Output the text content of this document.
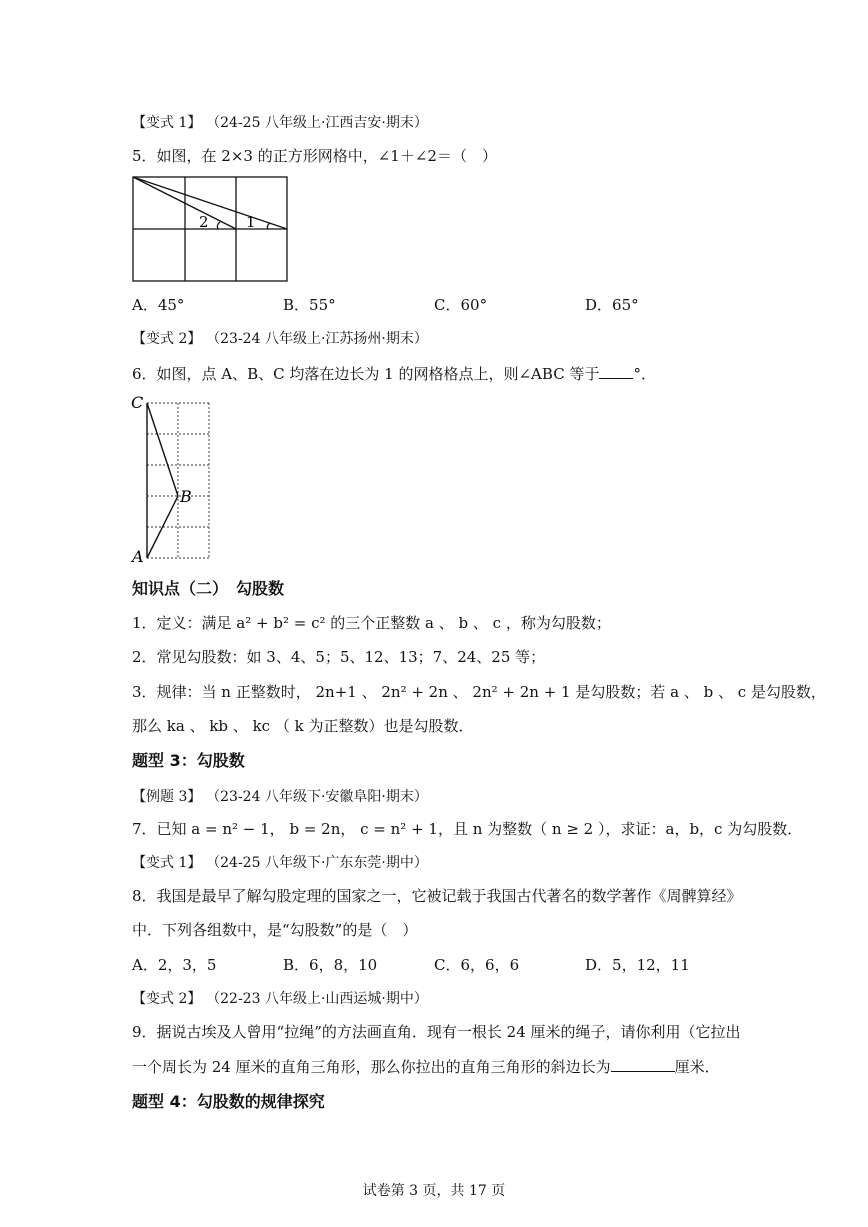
【变式 1】 （24-25 八年级上·江西吉安·期末）
5．如图，在 2×3 的正方形网格中，∠1＋∠2＝（　）
2 1
A．45°	B．55°	C．60°	D．65°
【变式 2】 （23-24 八年级上·江苏扬州·期末）
6．如图，点 A、B、C 均落在边长为 1 的网格格点上，则∠ABC 等于 °．
C
B
A
知识点（二）　勾股数
1．定义：满足 a² + b² = c² 的三个正整数 a 、 b 、 c ，称为勾股数；
2．常见勾股数：如 3、4、5；5、12、13；7、24、25 等；
3．规律：当 n 正整数时， 2n+1 、 2n² + 2n 、 2n² + 2n + 1 是勾股数；若 a 、 b 、 c 是勾股数，
那么 ka 、 kb 、 kc （ k 为正整数）也是勾股数．
题型 3：勾股数
【例题 3】 （23-24 八年级下·安徽阜阳·期末）
7．已知 a = n² − 1， b = 2n， c = n² + 1，且 n 为整数（ n ≥ 2 ），求证：a，b，c 为勾股数．
【变式 1】 （24-25 八年级下·广东东莞·期中）
8．我国是最早了解勾股定理的国家之一，它被记载于我国古代著名的数学著作《周髀算经》
中．下列各组数中，是“勾股数”的是（　）
A．2，3，5	B．6，8，10	C．6，6，6	D．5，12，11
【变式 2】 （22-23 八年级上·山西运城·期中）
9．据说古埃及人曾用“拉绳”的方法画直角．现有一根长 24 厘米的绳子，请你利用（它拉出
一个周长为 24 厘米的直角三角形，那么你拉出的直角三角形的斜边长为	厘米．
题型 4：勾股数的规律探究
试卷第 3 页，共 17 页
